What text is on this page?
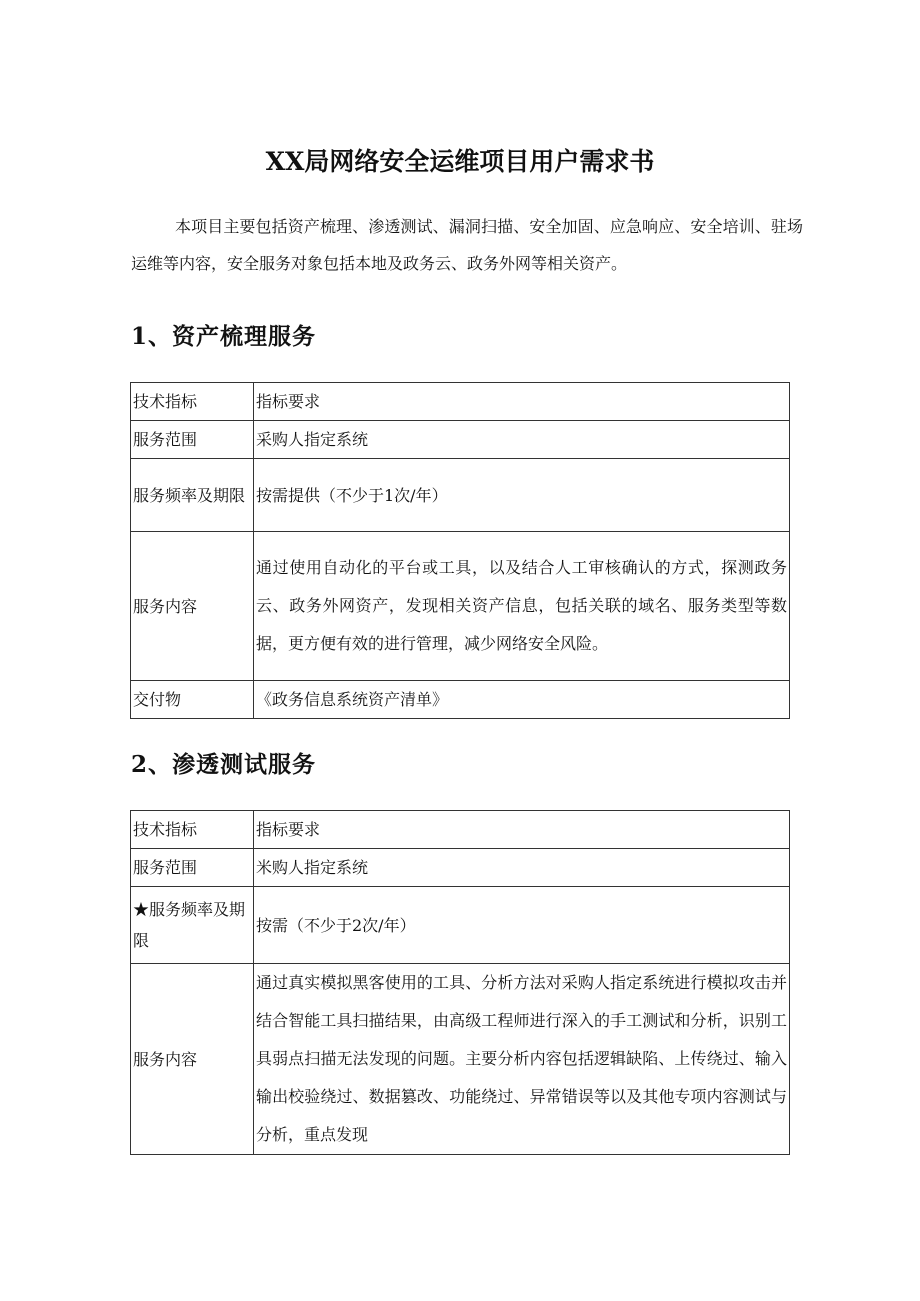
XX局网络安全运维项目用户需求书
本项目主要包括资产梳理、渗透测试、漏洞扫描、安全加固、应急响应、安全培训、驻场运维等内容，安全服务对象包括本地及政务云、政务外网等相关资产。
1、资产梳理服务
技术指标	指标要求
服务范围	采购人指定系统
服务频率及期限	按需提供（不少于1次/年）
服务内容	通过使用自动化的平台或工具，以及结合人工审核确认的方式，探测政务云、政务外网资产，发现相关资产信息，包括关联的域名、服务类型等数据，更方便有效的进行管理，减少网络安全风险。
交付物	《政务信息系统资产清单》
2、渗透测试服务
技术指标	指标要求
服务范围	米购人指定系统
★服务频率及期限	按需（不少于2次/年）
服务内容	通过真实模拟黑客使用的工具、分析方法对采购人指定系统进行模拟攻击并结合智能工具扫描结果，由高级工程师进行深入的手工测试和分析，识别工具弱点扫描无法发现的问题。主要分析内容包括逻辑缺陷、上传绕过、输入输出校验绕过、数据篡改、功能绕过、异常错误等以及其他专项内容测试与分析，重点发现
